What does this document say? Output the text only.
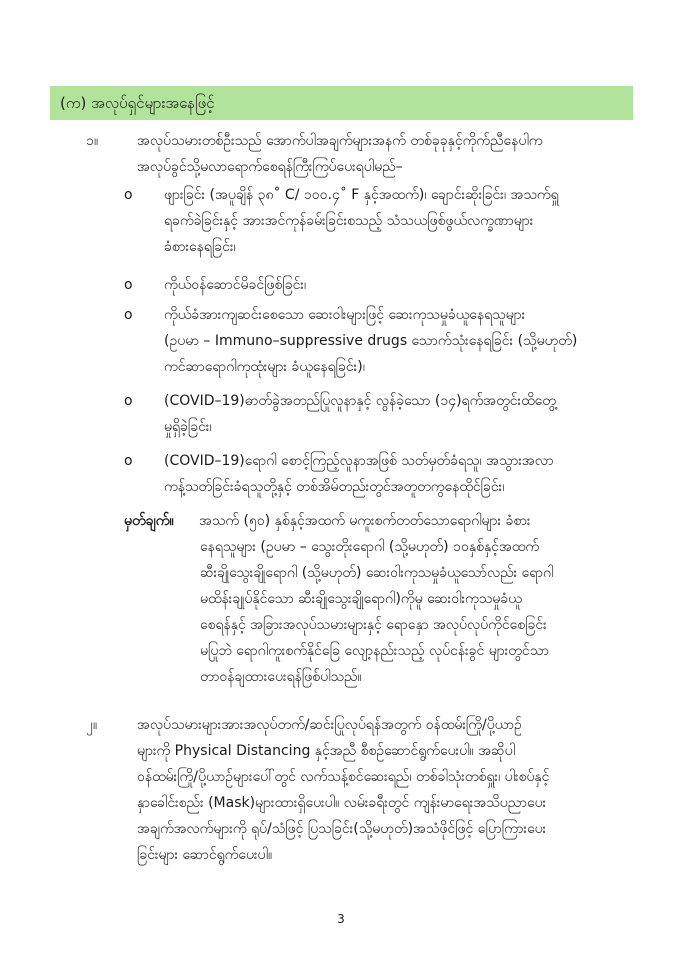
(က) အလုပ်ရှင်များအနေဖြင့်
၁။	အလုပ်သမားတစ်ဦးသည် အောက်ပါအချက်များအနက် တစ်ခုခုနှင့်ကိုက်ညီနေပါက
အလုပ်ခွင်သို့မလာရောက်စေရန်ကြီးကြပ်ပေးရပါမည်–
o ဖျားခြင်း (အပူချိန် ၃၈˚ C/ ၁၀၀.၄˚ F နှင့်အထက်)၊ ချောင်းဆိုးခြင်း၊ အသက်ရှူ
ရခက်ခဲခြင်းနှင့် အားအင်ကုန်ခမ်းခြင်းစသည့် သံသယဖြစ်ဖွယ်လက္ခဏာများ
ခံစားနေရခြင်း၊
o ကိုယ်ဝန်ဆောင်မိခင်ဖြစ်ခြင်း၊
o ကိုယ်ခံအားကျဆင်းစေသော ဆေးဝါးများဖြင့် ဆေးကုသမှုခံယူနေရသူများ
(ဥပမာ – Immuno–suppressive drugs သောက်သုံးနေရခြင်း (သို့မဟုတ်)
ကင်ဆာရောဂါကုထုံးများ ခံယူနေရခြင်း)၊
o (COVID–19)ဓာတ်ခွဲအတည်ပြုလူနာနှင့် လွန်ခဲ့သော (၁၄)ရက်အတွင်းထိတွေ့
မှုရှိခဲ့ခြင်း၊
o (COVID–19)ရောဂါ စောင့်ကြည့်လူနာအဖြစ် သတ်မှတ်ခံရသူ၊ အသွားအလာ
ကန့်သတ်ခြင်းခံရသူတို့နှင့် တစ်အိမ်တည်းတွင်အတူတကွနေထိုင်ခြင်း၊
မှတ်ချက်။ အသက် (၅၀) နှစ်နှင့်အထက် မကူးစက်တတ်သောရောဂါများ ခံစား
နေရသူများ (ဥပမာ – သွေးတိုးရောဂါ (သို့မဟုတ်) ၁၀နှစ်နှင့်အထက်
ဆီးချိုသွေးချိုရောဂါ (သို့မဟုတ်) ဆေးဝါးကုသမှုခံယူသော်လည်း ရောဂါ
မထိန်းချုပ်နိုင်သော ဆီးချိုသွေးချိုရောဂါ)ကိုမူ ဆေးဝါးကုသမှုခံယူ
စေရန်နှင့် အခြားအလုပ်သမားများနှင့် ရောနှော အလုပ်လုပ်ကိုင်စေခြင်း
မပြုဘဲ ရောဂါကူးစက်နိုင်ခြေ လျော့နည်းသည့် လုပ်ငန်းခွင် များတွင်သာ
တာဝန်ချထားပေးရန်ဖြစ်ပါသည်။
၂။	အလုပ်သမားများအားအလုပ်တက်/ဆင်းပြုလုပ်ရန်အတွက် ဝန်ထမ်းကြို/ပို့ယာဉ်
များကို Physical Distancing နှင့်အညီ စီစဉ်ဆောင်ရွက်ပေးပါ။ အဆိုပါ
ဝန်ထမ်းကြို/ပို့ယာဉ်များပေါ်တွင် လက်သန့်စင်ဆေးရည်၊ တစ်ခါသုံးတစ်ရှူး၊ ပါးစပ်နှင့်
နှာခေါင်းစည်း (Mask)များထားရှိပေးပါ။ လမ်းခရီးတွင် ကျန်းမာရေးအသိပညာပေး
အချက်အလက်များကို ရုပ်/သံဖြင့် ပြသခြင်း(သို့မဟုတ်)အသံဖိုင်ဖြင့် ပြောကြားပေး
ခြင်းများ ဆောင်ရွက်ပေးပါ။
3
